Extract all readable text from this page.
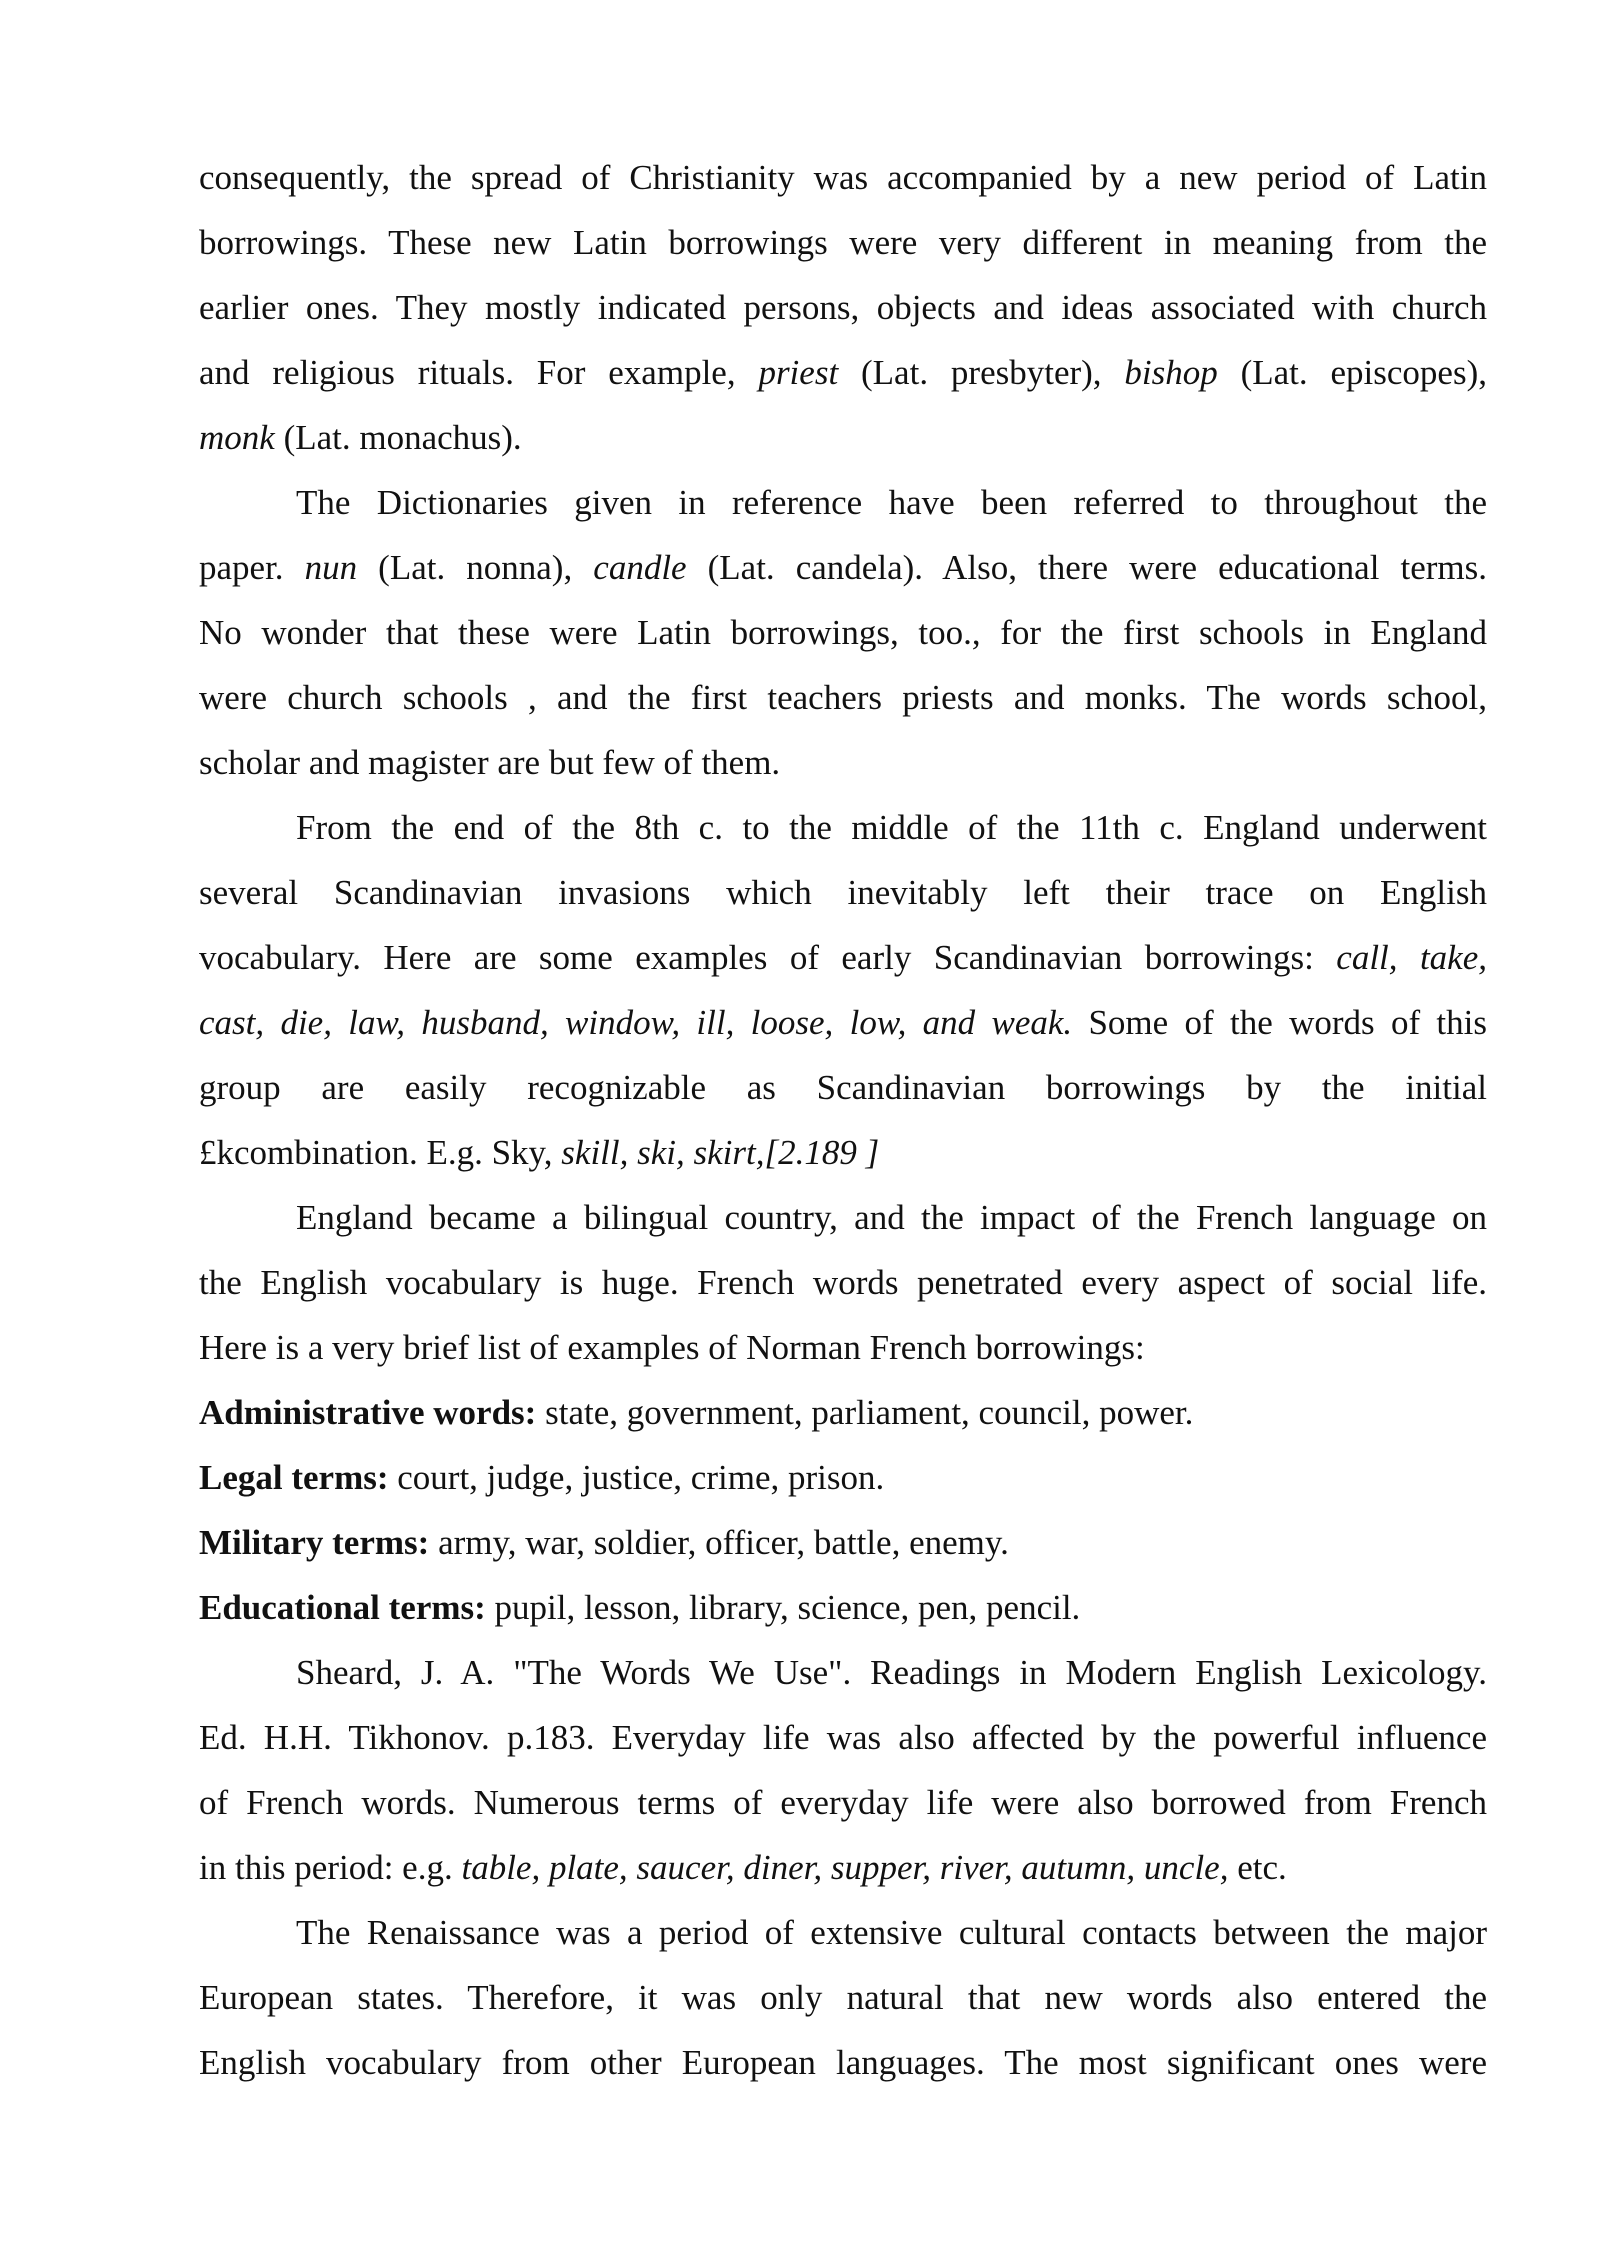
consequently, the spread of Christianity was accompanied by a new period of Latin
borrowings. These new Latin borrowings were very different in meaning from the
earlier ones. They mostly indicated persons, objects and ideas associated with church
and religious rituals. For example, priest (Lat. presbyter), bishop (Lat. episcopes),
monk (Lat. monachus).
The Dictionaries given in reference have been referred to throughout the
paper. nun (Lat. nonna), candle (Lat. candela). Also, there were educational terms.
No wonder that these were Latin borrowings, too., for the first schools in England
were church schools , and the first teachers priests and monks. The words school,
scholar and magister are but few of them.
From the end of the 8th c. to the middle of the 11th c. England underwent
several Scandinavian invasions which inevitably left their trace on English
vocabulary. Here are some examples of early Scandinavian borrowings: call, take,
cast, die, law, husband, window, ill, loose, low, and weak. Some of the words of this
group are easily recognizable as Scandinavian borrowings by the initial
£kcombination. E.g. Sky, skill, ski, skirt,[2.189 ]
England became a bilingual country, and the impact of the French language on
the English vocabulary is huge. French words penetrated every aspect of social life.
Here is a very brief list of examples of Norman French borrowings:
Administrative words: state, government, parliament, council, power.
Legal terms: court, judge, justice, crime, prison.
Military terms: army, war, soldier, officer, battle, enemy.
Educational terms: pupil, lesson, library, science, pen, pencil.
Sheard, J. A. "The Words We Use". Readings in Modern English Lexicology.
Ed. H.H. Tikhonov. p.183. Everyday life was also affected by the powerful influence
of French words. Numerous terms of everyday life were also borrowed from French
in this period: e.g. table, plate, saucer, diner, supper, river, autumn, uncle, etc.
The Renaissance was a period of extensive cultural contacts between the major
European states. Therefore, it was only natural that new words also entered the
English vocabulary from other European languages. The most significant ones were
